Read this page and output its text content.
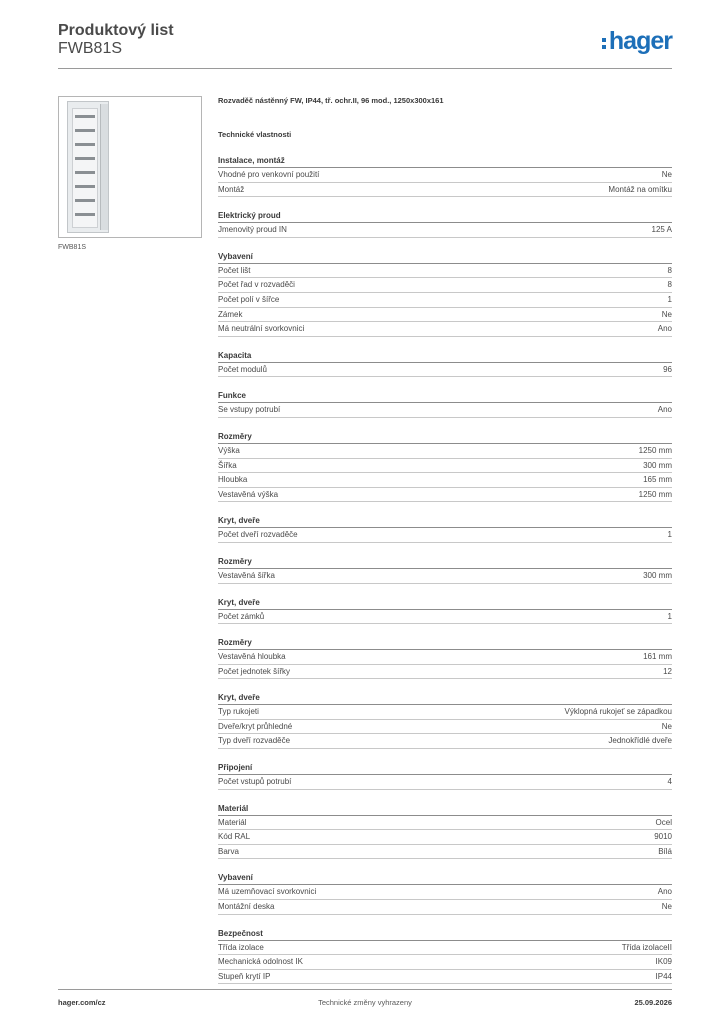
Produktový list
FWB81S	hager
FWB81S
Rozvaděč nástěnný FW, IP44, tř. ochr.II, 96 mod., 1250x300x161
Technické vlastnosti
Instalace, montáž
Vhodné pro venkovní použití	Ne
Montáž	Montáž na omítku
Elektrický proud
Jmenovitý proud IN	125 A
Vybavení
Počet lišt	8
Počet řad v rozvaděči	8
Počet polí v šířce	1
Zámek	Ne
Má neutrální svorkovnici	Ano
Kapacita
Počet modulů	96
Funkce
Se vstupy potrubí	Ano
Rozměry
Výška	1250 mm
Šířka	300 mm
Hloubka	165 mm
Vestavěná výška	1250 mm
Kryt, dveře
Počet dveří rozvaděče	1
Rozměry
Vestavěná šířka	300 mm
Kryt, dveře
Počet zámků	1
Rozměry
Vestavěná hloubka	161 mm
Počet jednotek šířky	12
Kryt, dveře
Typ rukojeti	Výklopná rukojeť se západkou
Dveře/kryt průhledné	Ne
Typ dveří rozvaděče	Jednokřídlé dveře
Připojení
Počet vstupů potrubí	4
Materiál
Materiál	Ocel
Kód RAL	9010
Barva	Bílá
Vybavení
Má uzemňovací svorkovnici	Ano
Montážní deska	Ne
Bezpečnost
Třída izolace	Třída izolaceII
Mechanická odolnost IK	IK09
Stupeň krytí IP	IP44
hager.com/cz	Technické změny vyhrazeny	25.09.2026
